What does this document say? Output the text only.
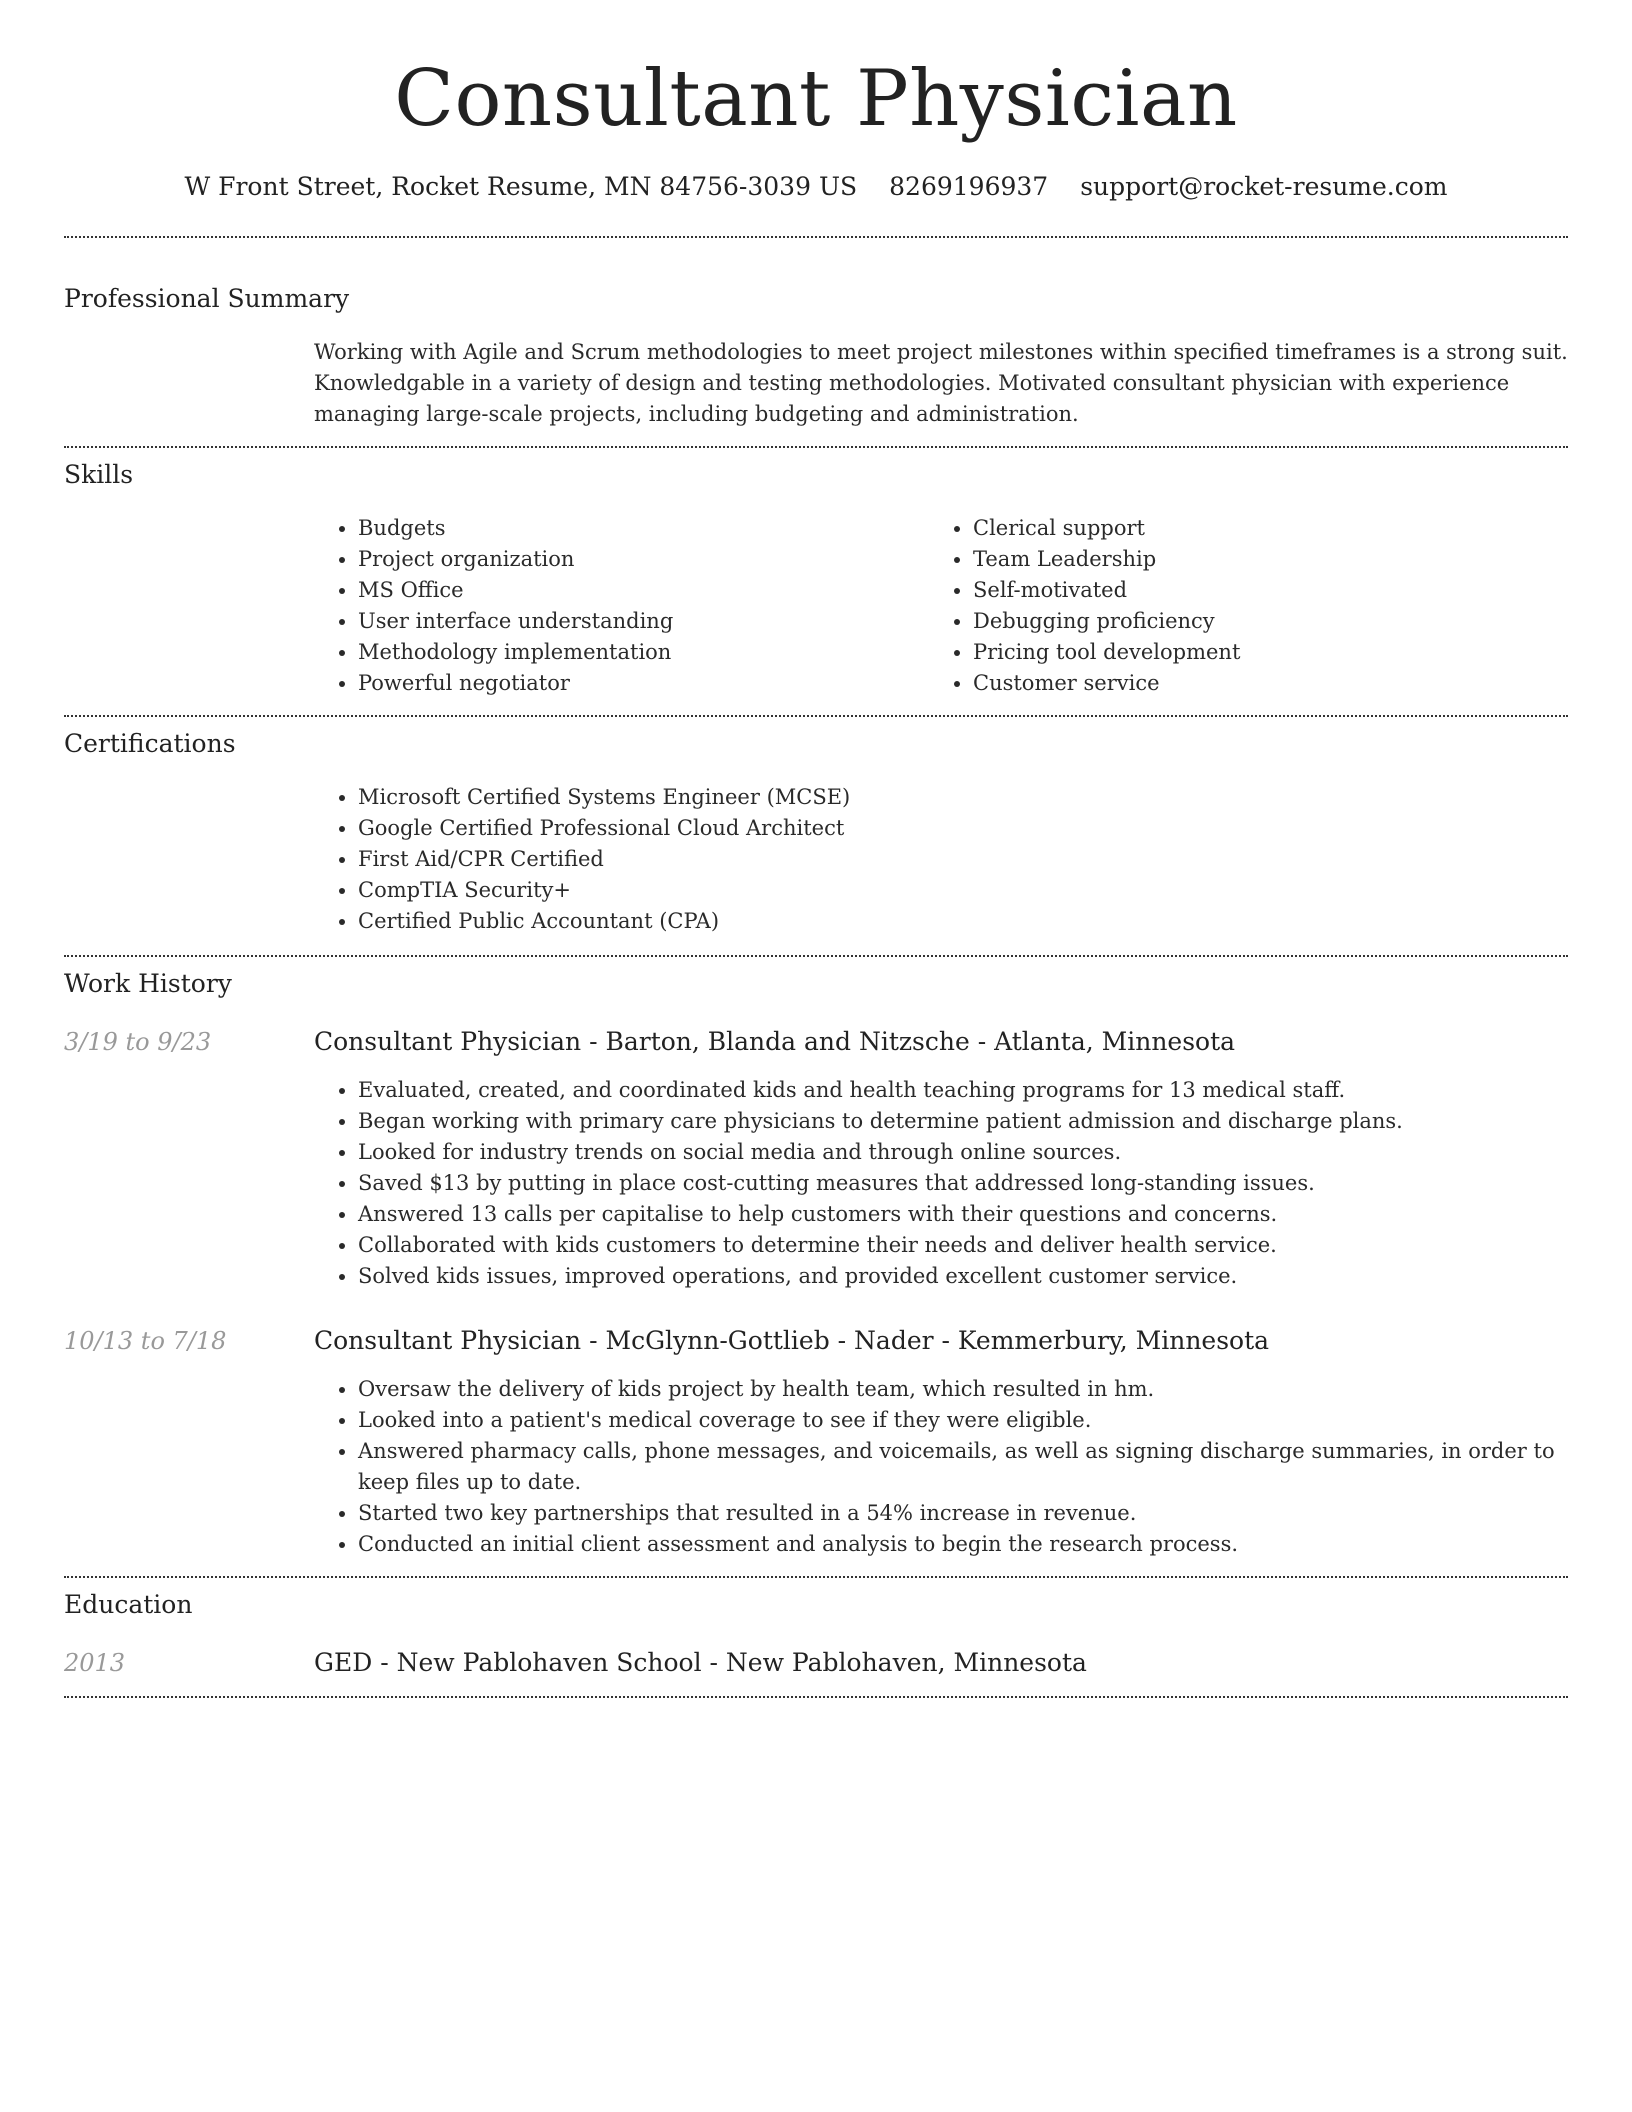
Consultant Physician
W Front Street, Rocket Resume, MN 84756-3039 US 8269196937 support@rocket-resume.com
Professional Summary

Working with Agile and Scrum methodologies to meet project milestones within specified timeframes is a strong suit. Knowledgable in a variety of design and testing methodologies. Motivated consultant physician with experience managing large-scale projects, including budgeting and administration.

Skills
• Budgets
• Project organization
• MS Office
• User interface understanding
• Methodology implementation
• Powerful negotiator
• Clerical support
• Team Leadership
• Self-motivated
• Debugging proficiency
• Pricing tool development
• Customer service
Certifications
• Microsoft Certified Systems Engineer (MCSE)
• Google Certified Professional Cloud Architect
• First Aid/CPR Certified
• CompTIA Security+
• Certified Public Accountant (CPA)
Work History
3/19 to 9/23	Consultant Physician - Barton, Blanda and Nitzsche - Atlanta, Minnesota
• Evaluated, created, and coordinated kids and health teaching programs for 13 medical staff.
• Began working with primary care physicians to determine patient admission and discharge plans.
• Looked for industry trends on social media and through online sources.
• Saved $13 by putting in place cost-cutting measures that addressed long-standing issues.
• Answered 13 calls per capitalise to help customers with their questions and concerns.
• Collaborated with kids customers to determine their needs and deliver health service.
• Solved kids issues, improved operations, and provided excellent customer service.
10/13 to 7/18	Consultant Physician - McGlynn-Gottlieb - Nader - Kemmerbury, Minnesota
• Oversaw the delivery of kids project by health team, which resulted in hm.
• Looked into a patient's medical coverage to see if they were eligible.
• Answered pharmacy calls, phone messages, and voicemails, as well as signing discharge summaries, in order to keep files up to date.
• Started two key partnerships that resulted in a 54% increase in revenue.
• Conducted an initial client assessment and analysis to begin the research process.
Education
2013	GED - New Pablohaven School - New Pablohaven, Minnesota
